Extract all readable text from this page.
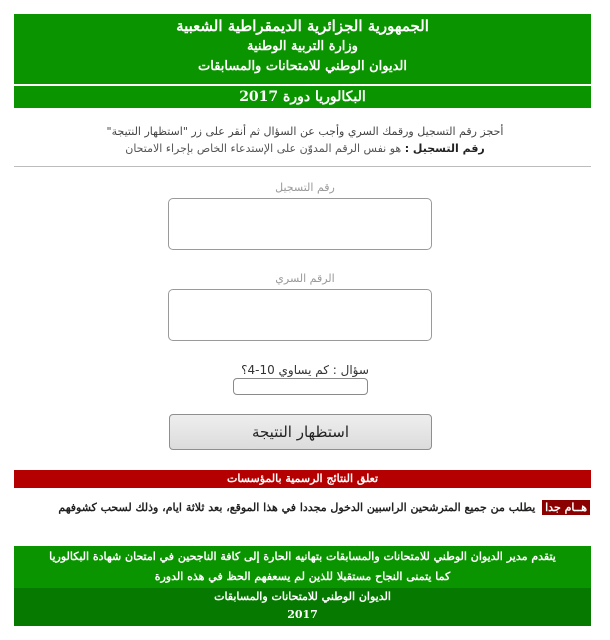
الجمهورية الجزائرية الديمقراطية الشعبية
وزارة التربية الوطنية
الديوان الوطني للامتحانات والمسابقات
البكالوريا دورة 2017
أحجز رقم التسجيل ورقمك السري وأجب عن السؤال ثم أنقر على زر "استظهار النتيجة"
رقم التسجيل : هو نفس الرقم المدوّن على الإستدعاء الخاص بإجراء الامتحان
رقم التسجيل
الرقم السري
سؤال : كم يساوي 10-4؟
استظهار النتيجة
تعلق النتائج الرسمية بالمؤسسات
هــام جدا يطلب من جميع المترشحين الراسبين الدخول مجددا في هذا الموقع، بعد ثلاثة ايام، وذلك لسحب كشوفهم
يتقدم مدير الديوان الوطني للامتحانات والمسابقات بتهانيه الحارة إلى كافة الناجحين في امتحان شهادة البكالوريا
كما يتمنى النجاح مستقبلا للذين لم يسعفهم الحظ في هذه الدورة
الديوان الوطني للامتحانات والمسابقات
2017
